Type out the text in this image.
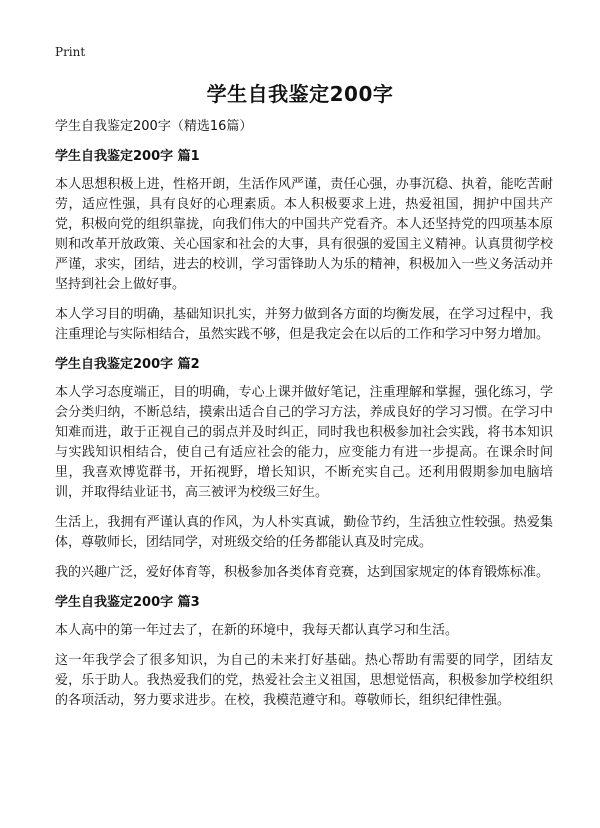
Print
学生自我鉴定200字

学生自我鉴定200字（精选16篇）

学生自我鉴定200字 篇1

本人思想积极上进，性格开朗，生活作风严谨，责任心强，办事沉稳、执着，能吃苦耐劳，适应性强，具有良好的心理素质。本人积极要求上进，热爱祖国，拥护中国共产党，积极向党的组织靠拢，向我们伟大的中国共产党看齐。本人还坚持党的四项基本原则和改革开放政策、关心国家和社会的大事，具有很强的爱国主义精神。认真贯彻学校严谨，求实，团结，进去的校训，学习雷锋助人为乐的精神，积极加入一些义务活动并坚持到社会上做好事。

本人学习目的明确，基础知识扎实，并努力做到各方面的均衡发展，在学习过程中，我注重理论与实际相结合，虽然实践不够，但是我定会在以后的工作和学习中努力增加。

学生自我鉴定200字 篇2

本人学习态度端正，目的明确，专心上课并做好笔记，注重理解和掌握，强化练习，学会分类归纳，不断总结，摸索出适合自己的学习方法，养成良好的学习习惯。在学习中知难而进，敢于正视自己的弱点并及时纠正，同时我也积极参加社会实践，将书本知识与实践知识相结合，使自己有适应社会的能力，应变能力有进一步提高。在课余时间里，我喜欢博览群书，开拓视野，增长知识，不断充实自己。还利用假期参加电脑培训，并取得结业证书，高三被评为校级三好生。

生活上，我拥有严谨认真的作风，为人朴实真诚，勤俭节约，生活独立性较强。热爱集体，尊敬师长，团结同学，对班级交给的任务都能认真及时完成。

我的兴趣广泛，爱好体育等，积极参加各类体育竞赛，达到国家规定的体育锻炼标准。

学生自我鉴定200字 篇3

本人高中的第一年过去了，在新的环境中，我每天都认真学习和生活。

这一年我学会了很多知识，为自己的未来打好基础。热心帮助有需要的同学，团结友爱，乐于助人。我热爱我们的党，热爱社会主义祖国，思想觉悟高，积极参加学校组织的各项活动，努力要求进步。在校，我模范遵守和。尊敬师长，组织纪律性强。
